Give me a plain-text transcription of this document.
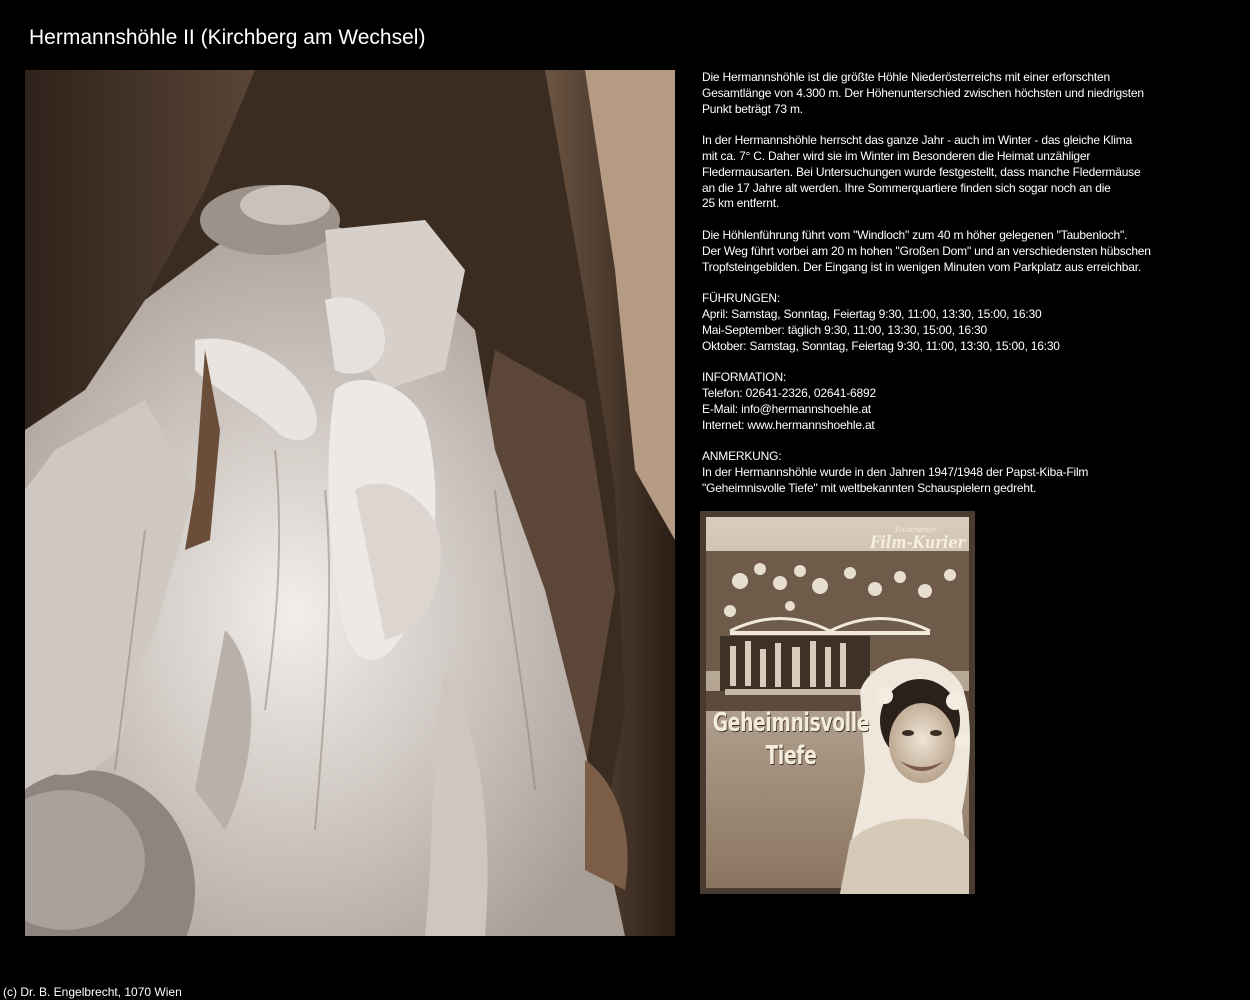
Hermannshöhle II (Kirchberg am Wechsel)

Die Hermannshöhle ist die größte Höhle Niederösterreichs mit einer erforschten
Gesamtlänge von 4.300 m. Der Höhenunterschied zwischen höchsten und niedrigsten
Punkt beträgt 73 m.

In der Hermannshöhle herrscht das ganze Jahr - auch im Winter - das gleiche Klima
mit ca. 7° C. Daher wird sie im Winter im Besonderen die Heimat unzähliger
Fledermausarten. Bei Untersuchungen wurde festgestellt, dass manche Fledermäuse
an die 17 Jahre alt werden. Ihre Sommerquartiere finden sich sogar noch an die
25 km entfernt.

Die Höhlenführung führt vom "Windloch" zum 40 m höher gelegenen "Taubenloch".
Der Weg führt vorbei am 20 m hohen "Großen Dom" und an verschiedensten hübschen
Tropfsteingebilden. Der Eingang ist in wenigen Minuten vom Parkplatz aus erreichbar.

FÜHRUNGEN:
April: Samstag, Sonntag, Feiertag 9:30, 11:00, 13:30, 15:00, 16:30
Mai-September: täglich 9:30, 11:00, 13:30, 15:00, 16:30
Oktober: Samstag, Sonntag, Feiertag 9:30, 11:00, 13:30, 15:00, 16:30

INFORMATION:
Telefon: 02641-2326, 02641-6892
E-Mail: info@hermannshoehle.at
Internet: www.hermannshoehle.at

ANMERKUNG:
In der Hermannshöhle wurde in den Jahren 1947/1948 der Papst-Kiba-Film
"Geheimnisvolle Tiefe" mit weltbekannten Schauspielern gedreht.

Illustrierter
Film-Kurier
Geheimnisvolle
Tiefe
(c) Dr. B. Engelbrecht, 1070 Wien
